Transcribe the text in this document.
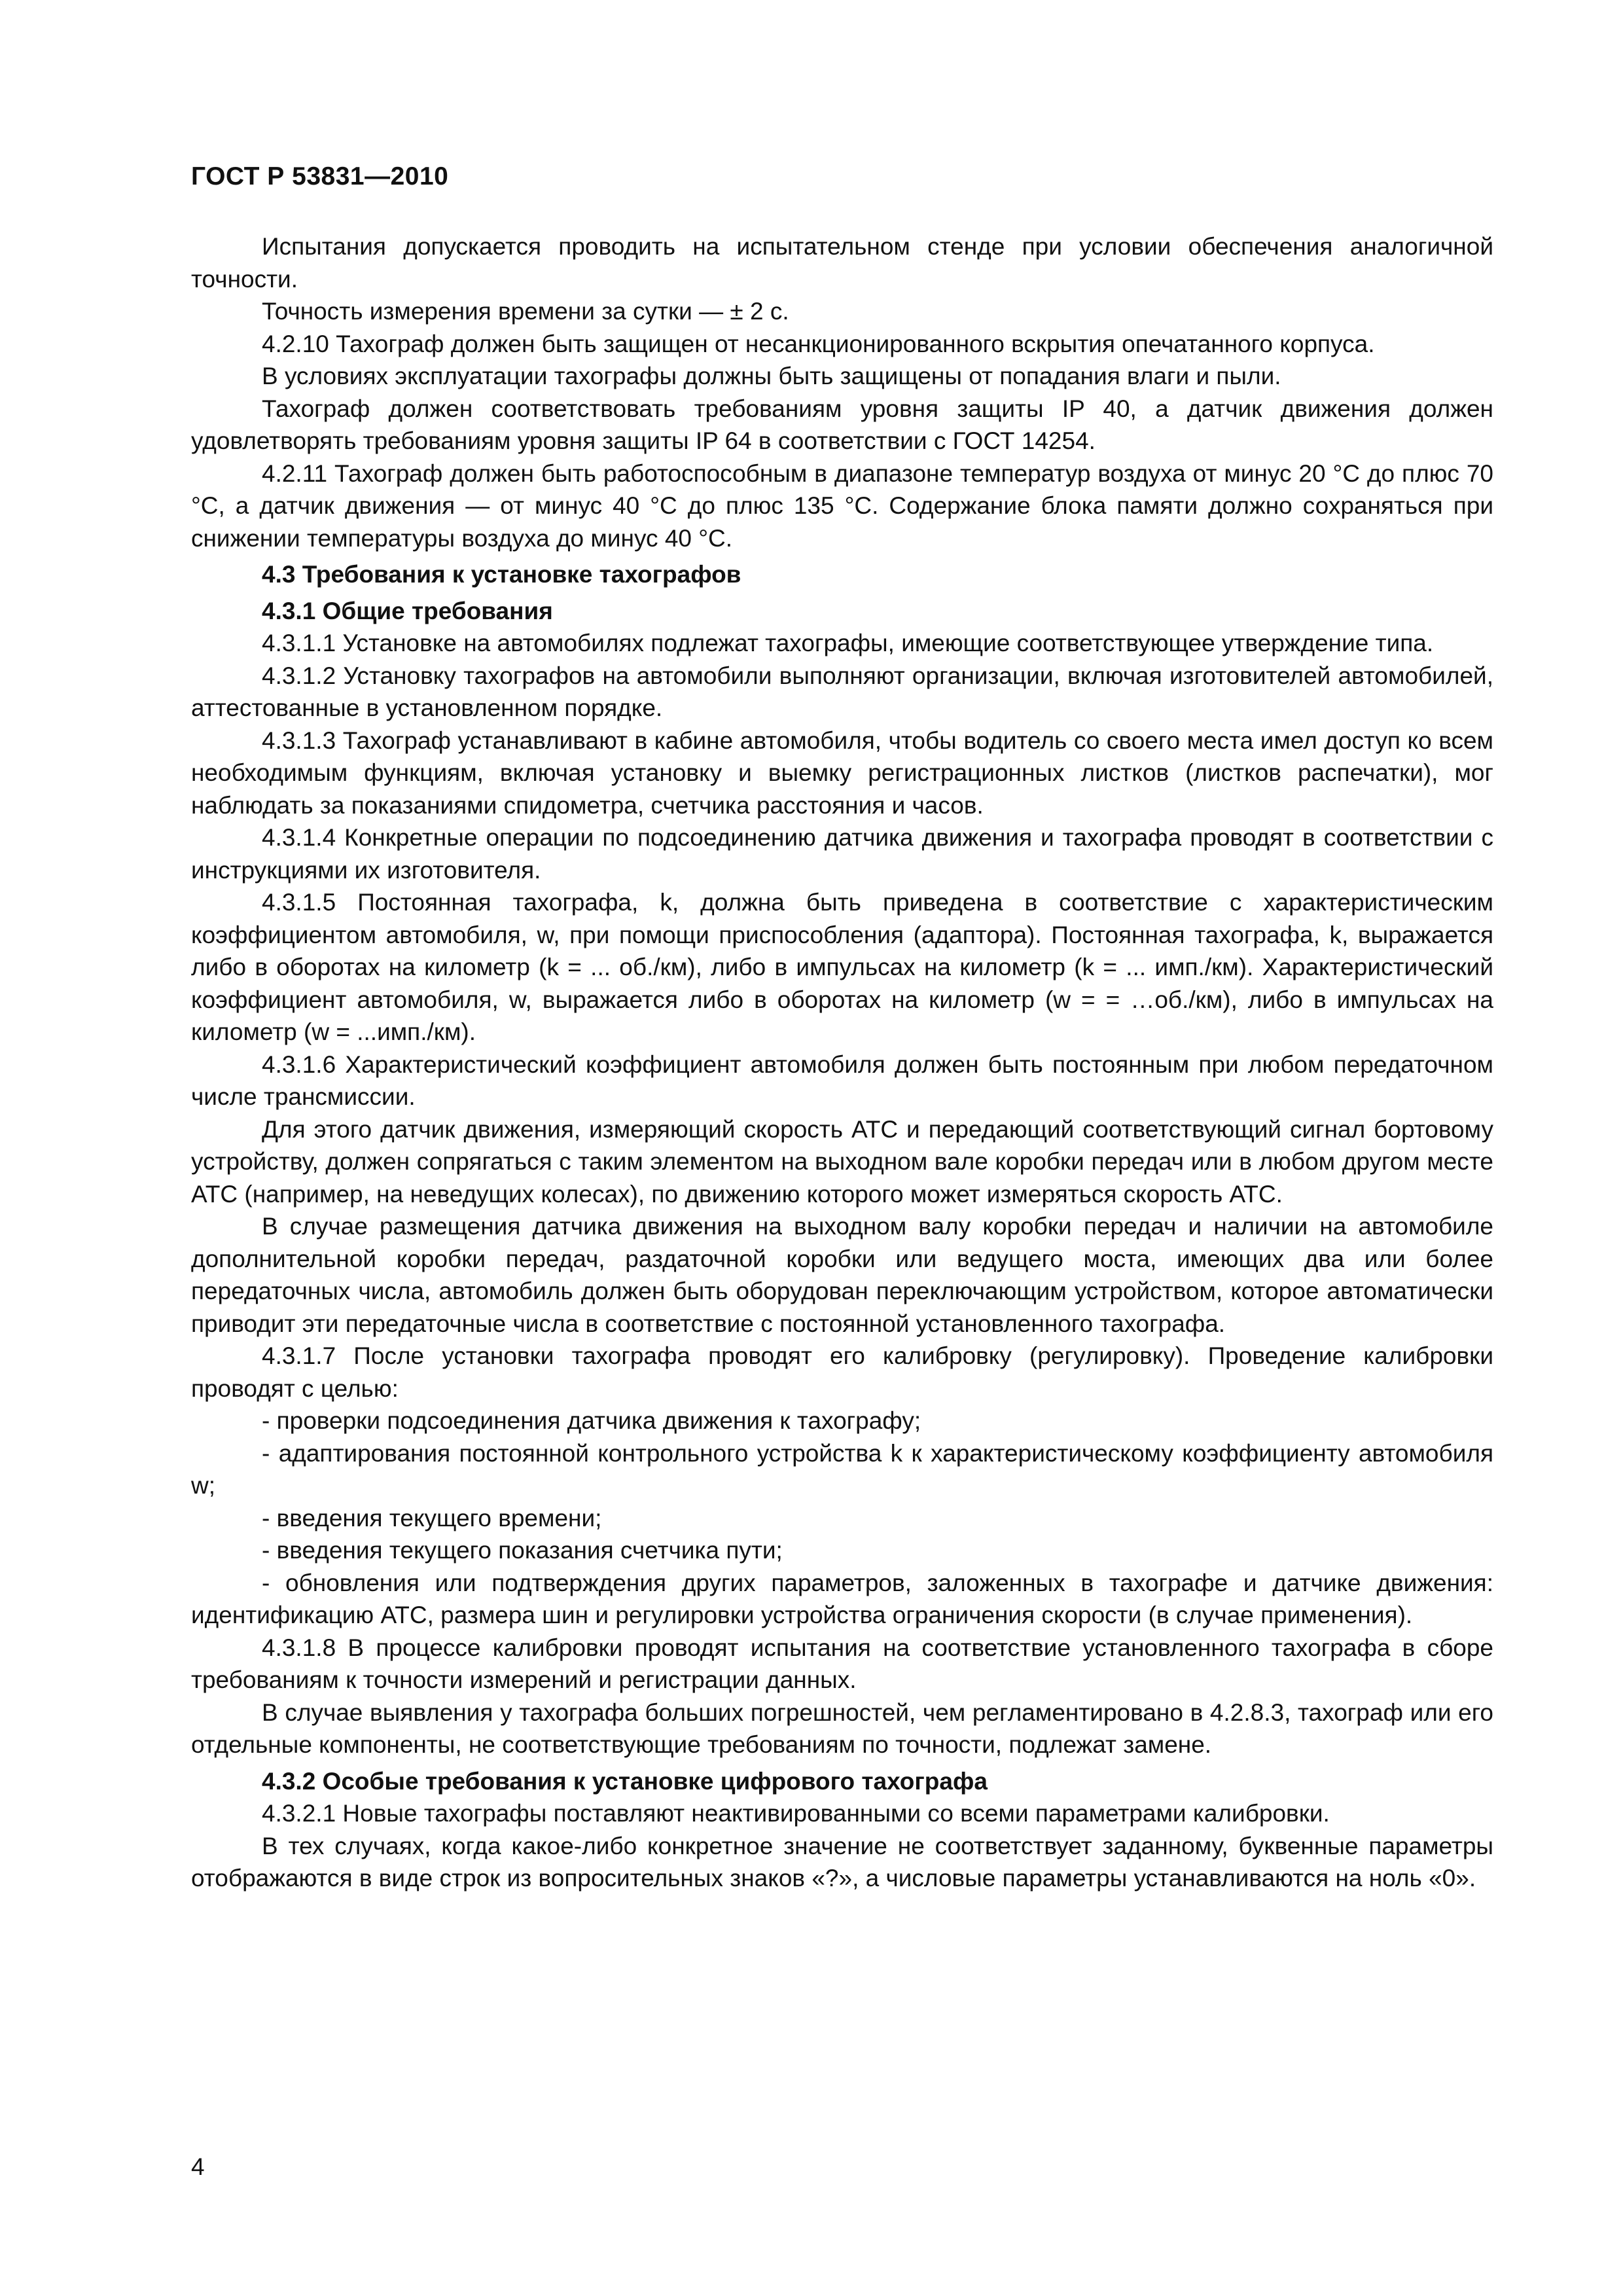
ГОСТ Р 53831—2010

Испытания допускается проводить на испытательном стенде при условии обеспечения аналогичной точности.

Точность измерения времени за сутки — ± 2 с.

4.2.10 Тахограф должен быть защищен от несанкционированного вскрытия опечатанного корпуса.

В условиях эксплуатации тахографы должны быть защищены от попадания влаги и пыли.

Тахограф должен соответствовать требованиям уровня защиты IP 40, а датчик движения должен удовлетворять требованиям уровня защиты IP 64 в соответствии с ГОСТ 14254.

4.2.11 Тахограф должен быть работоспособным в диапазоне температур воздуха от минус 20 °С до плюс 70 °С, а датчик движения — от минус 40 °С до плюс 135 °С. Содержание блока памяти должно сохраняться при снижении температуры воздуха до минус 40 °С.

4.3 Требования к установке тахографов

4.3.1 Общие требования

4.3.1.1 Установке на автомобилях подлежат тахографы, имеющие соответствующее утверждение типа.

4.3.1.2 Установку тахографов на автомобили выполняют организации, включая изготовителей автомобилей, аттестованные в установленном порядке.

4.3.1.3 Тахограф устанавливают в кабине автомобиля, чтобы водитель со своего места имел доступ ко всем необходимым функциям, включая установку и выемку регистрационных листков (листков распечатки), мог наблюдать за показаниями спидометра, счетчика расстояния и часов.

4.3.1.4 Конкретные операции по подсоединению датчика движения и тахографа проводят в соответствии с инструкциями их изготовителя.

4.3.1.5 Постоянная тахографа, k, должна быть приведена в соответствие с характеристическим коэффициентом автомобиля, w, при помощи приспособления (адаптора). Постоянная тахографа, k, выражается либо в оборотах на километр (k = ... об./км), либо в импульсах на километр (k = ... имп./км). Характеристический коэффициент автомобиля, w, выражается либо в оборотах на километр (w = = …об./км), либо в импульсах на километр (w = ...имп./км).

4.3.1.6 Характеристический коэффициент автомобиля должен быть постоянным при любом передаточном числе трансмиссии.

Для этого датчик движения, измеряющий скорость АТС и передающий соответствующий сигнал бортовому устройству, должен сопрягаться с таким элементом на выходном вале коробки передач или в любом другом месте АТС (например, на неведущих колесах), по движению которого может измеряться скорость АТС.

В случае размещения датчика движения на выходном валу коробки передач и наличии на автомобиле дополнительной коробки передач, раздаточной коробки или ведущего моста, имеющих два или более передаточных числа, автомобиль должен быть оборудован переключающим устройством, которое автоматически приводит эти передаточные числа в соответствие с постоянной установленного тахографа.

4.3.1.7 После установки тахографа проводят его калибровку (регулировку). Проведение калибровки проводят с целью:

- проверки подсоединения датчика движения к тахографу;

- адаптирования постоянной контрольного устройства k к характеристическому коэффициенту автомобиля w;

- введения текущего времени;

- введения текущего показания счетчика пути;

- обновления или подтверждения других параметров, заложенных в тахографе и датчике движения: идентификацию АТС, размера шин и регулировки устройства ограничения скорости (в случае применения).

4.3.1.8 В процессе калибровки проводят испытания на соответствие установленного тахографа в сборе требованиям к точности измерений и регистрации данных.

В случае выявления у тахографа больших погрешностей, чем регламентировано в 4.2.8.3, тахограф или его отдельные компоненты, не соответствующие требованиям по точности, подлежат замене.

4.3.2 Особые требования к установке цифрового тахографа

4.3.2.1 Новые тахографы поставляют неактивированными со всеми параметрами калибровки.

В тех случаях, когда какое-либо конкретное значение не соответствует заданному, буквенные параметры отображаются в виде строк из вопросительных знаков «?», а числовые параметры устанавливаются на ноль «0».

4
